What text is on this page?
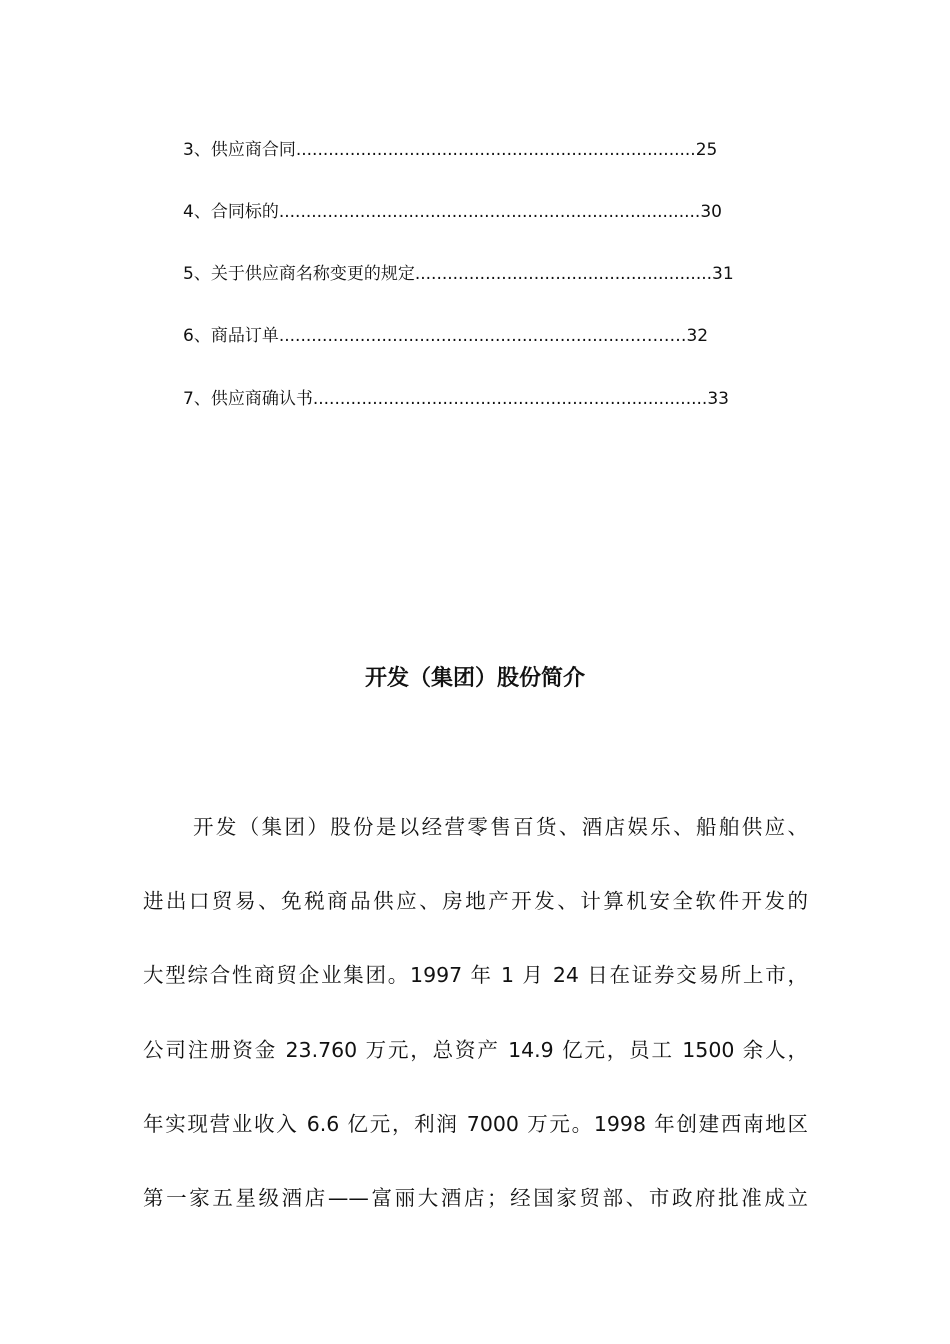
3、供应商合同..........................................................................25
4、合同标的..............................................................................30
5、关于供应商名称变更的规定.......................................................31
6、商品订单..................................................................………32
7、供应商确认书.........................................................................33
开发（集团）股份简介
开发（集团）股份是以经营零售百货、酒店娱乐、船舶供应、
进出口贸易、免税商品供应、房地产开发、计算机安全软件开发的
大型综合性商贸企业集团。1997 年 1 月 24 日在证券交易所上市，
公司注册资金 23.760 万元，总资产 14.9 亿元，员工 1500 余人，
年实现营业收入 6.6 亿元，利润 7000 万元。1998 年创建西南地区
第一家五星级酒店——富丽大酒店；经国家贸部、市政府批准成立
